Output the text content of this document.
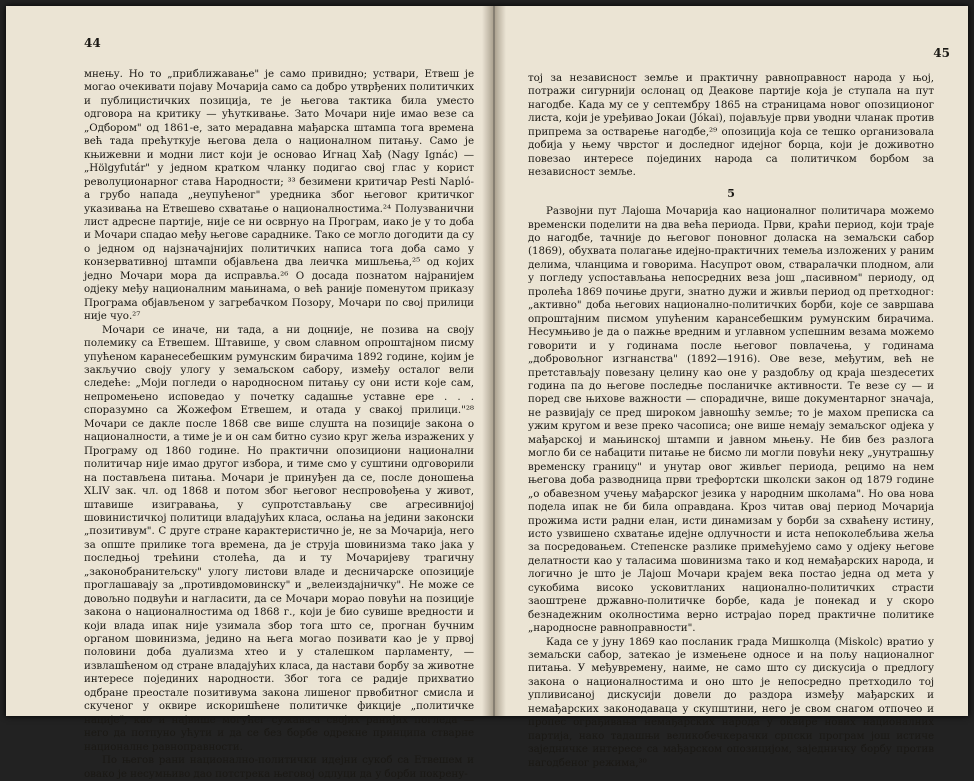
44

мнењу. Но то „приближавање" је само привидно; уствари, Етвеш је могао очекивати појаву Мочарија само са добро утврђених политичких и публицистичких позиција, те је његова тактика била уместо одговора на критику — ућуткивање. Зато Мочари није имао везе са „Одбором" од 1861-е, зато мерадавна мађарска штампа тога времена већ тада прећуткује његова дела о националном питању. Само је књижевни и модни лист који је основао Игнац Хађ (Nagy Ignác) — „Hölgyfutár" у једном кратком чланку подигао свој глас у корист револуционарног става Народности; ³³ безимени критичар Pesti Napló-а грубо напада „неупућеног" уредника због његовог критичког указивања на Етвешево схватање о националностима.²⁴ Полузванични лист адресне партије, није се ни осврнуо на Програм, иако је у то доба и Мочари спадао међу његове сараднике. Тако се могло догодити да су о једном од најзначајнијих политичких написа тога доба само у конзервативној штампи објављена два леичка мишљења,²⁵ од којих једно Мочари мора да исправља.²⁶ О досада познатом најранијем одјеку међу националним мањинама, о већ раније поменутом приказу Програма објављеном у загребачком Позору, Мочари по свој прилици није чуо.²⁷

Мочари се иначе, ни тада, а ни доцније, не позива на своју полемику са Етвешем. Штавише, у свом славном опроштајном писму упућеном каранесебешким румунским бирачима 1892 године, којим је закључио своју улогу у земаљском сабору, између осталог вели следеће: „Моји погледи о народносном питању су они исти које сам, непромењено исповедао у почетку садашње уставне ере . . . споразумно са Жожефом Етвешем, и отада у свакој прилици."²⁸ Мочари се дакле после 1868 све више слушта на позиције закона о националности, а тиме је и он сам битно сузио круг жеља изражених у Програму од 1860 године. Но практични опозициони национални политичар није имао другог избора, и тиме смо у суштини одговорили на постављена питања. Мочари је принуђен да се, после доношења XLIV зак. чл. од 1868 и потом због његовог неспровођења у живот, штавише изигравања, у супротстављању све агресивнијој шовинистичкој политици владајућих класа, ослања на једини законски „позитивум". С друге стране карактеристично је, не за Мочарија, него за опште прилике тога времена, да је струја шовинизма тако јака у последњој трећини столећа, да и ту Мочаријеву трагичну „законобранитељску" улогу листови владе и десничарске опозиције проглашавају за „противдомовинску" и „велеиздајничку". Не може се довољно подвући и нагласити, да се Мочари морао повући на позиције закона о националностима од 1868 г., који је био сувише вредности и који влада ипак није узимала збор тога што се, прогнан бучним органом шовинизма, једино на њега могао позивати као је у првој половини доба дуализма хтео и у сталешком парламенту, — извлашћеном од стране владајућих класа, да настави борбу за животне интересе појединих народности. Због тога се радије прихватио одбране преостале позитивума закона лишеног првобитног смисла и скученог у оквире искоришћене политичке фикције „политичке нације", као и највише могућег сужава-а својих ранијих погледа — него да потпуно ућути и да се без борбе одрекне принципа стварне националне равноправности.

По његов рани национално-политички идејни сукоб са Етвешем и овако је несумњиво дао потстрека његовој одлуци да у борби покрену-

45

тој за незавиcност земље и практичну равноправност народа у њој, потражи сигурнији ослонац од Деакове партије која је ступала на пут нагодбе. Када му се у септембру 1865 на страницама новог опозиционог листа, који је уређивао Јокаи (Jókai), појављује први уводни чланак против припрема за остварење нагодбе,²⁹ опозиција која се тешко организовала добија у њему чврстог и доследног идејног борца, који је доживотно повезао интересе појединих народа са политичком борбом за независност земље.

5

Развојни пут Лајоша Мочарија као националног политичара можемо временски поделити на два већа периода. Први, краћи период, који траје до нагодбе, тачније до његовог поновног доласка на земаљски сабор (1869), обухвата полагање идејно-практичних темеља изложених у раним делима, чланцима и говорима. Насупрот овом, стваралачки плодном, али у погледу успостављања непосредних веза још „пасивном" периоду, од пролећа 1869 почиње други, знатно дужи и живљи период од претходног: „активно" доба његових национално-политичких борби, које се завршава опроштајним писмом упућеним карансебешким румунским бирачима. Несумњиво је да о пажње вредним и углавном успешним везама можемо говорити и у годинама после његовог повлачења, у годинама „добровољног изгнанства" (1892—1916). Ове везе, међутим, већ не претстављају повезану целину као оне у раздобљу од краја шездесетих година па до његове последње посланичке активности. Те везе су — и поред све њихове важности — спорадичне, више документарног значаја, не развијају се пред широком јавношћу земље; то је махом преписка са ужим кругом и везе преко часописа; оне више немају земаљског одјека у мађарској и мањинској штампи и јавном мњењу. Не бив без разлога могло би се набацити питање не бисмо ли могли повући неку „унутрашњу временску границу" и унутар овог живљег периода, рецимо на нем његова доба разводница први трефортски школски закон од 1879 године „о обавезном учењу мађарског језика у народним школама". Но ова нова подела ипак не би била оправдана. Кроз читав овај период Мочарија прожима исти радни елан, исти динамизам у борби за схваћену истину, исто узвишено схватање идејне одлучности и иста непоколебљива жеља за посредовањем. Степенске разлике примећујемо само у одјеку његове делатности као у таласима шовинизма тако и код немађарских народа, и логично је што је Лајош Мочари крајем века постао једна од мета у сукобима високо усковитланих национално-политичких страсти заоштрене државно-политичке борбе, када је понекад и у скоро безнадежним околностима верно истрајао поред практичне политике „народносне равноправности".

Када се у јуну 1869 као посланик града Мишколца (Miskolc) вратио у земаљски сабор, затекао је измењене односе и на пољу националног питања. У међувремену, наиме, не само што су дискусија о предлогу закона о националностима и оно што је непосредно претходило тој упливисаној дискусији довели до раздора између мађарских и немађарских законодаваца у скупштини, него је свом снагом отпочео и пропес ограђивања немађарских народа у оквире нових националних партија, нако тадашњи великобечкерачки српски програм још истиче заједничке интересе са мађарском опозицијом, заједничку борбу против нагодбеног режима,³⁰
